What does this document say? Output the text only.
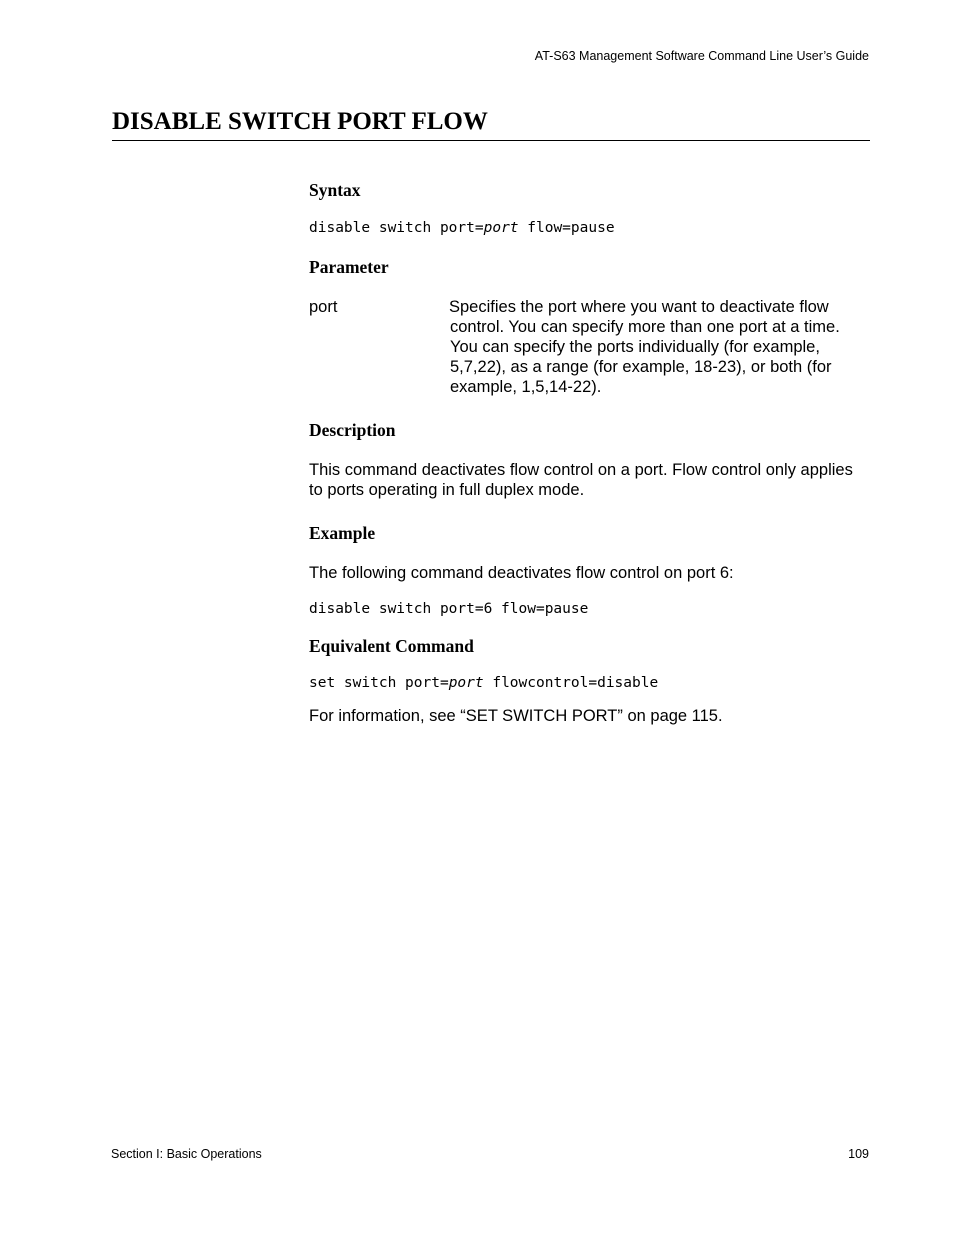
AT-S63 Management Software Command Line User’s Guide
DISABLE SWITCH PORT FLOW
Syntax
disable switch port=port flow=pause
Parameter
port	Specifies the port where you want to deactivate flow control. You can specify more than one port at a time. You can specify the ports individually (for example, 5,7,22), as a range (for example, 18-23), or both (for example, 1,5,14-22).
Description
This command deactivates flow control on a port. Flow control only applies to ports operating in full duplex mode.
Example
The following command deactivates flow control on port 6:
disable switch port=6 flow=pause
Equivalent Command
set switch port=port flowcontrol=disable
For information, see “SET SWITCH PORT” on page 115.
Section I: Basic Operations	109
